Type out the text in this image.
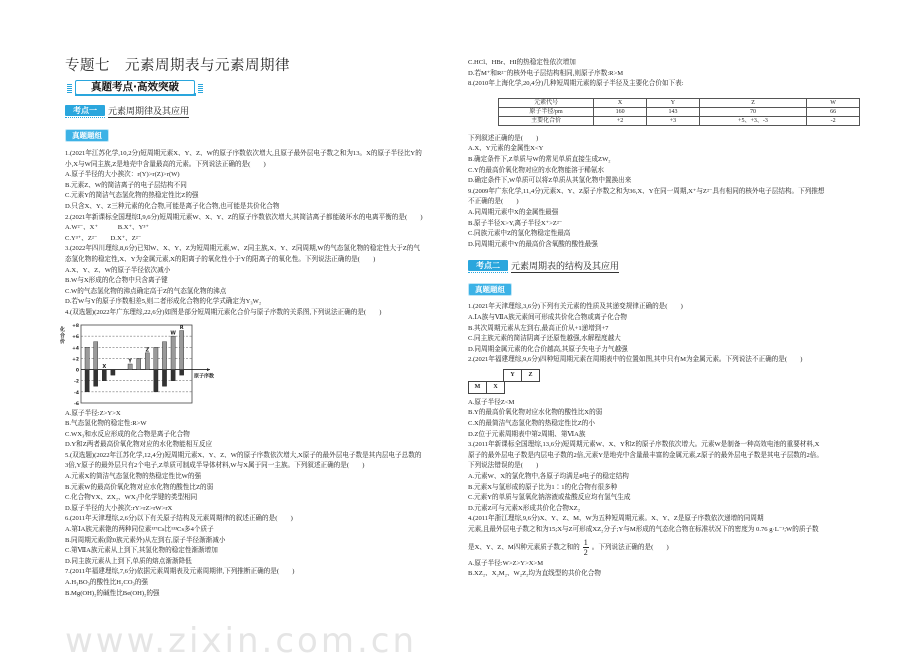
专题七　元素周期表与元素周期律
真题考点·高效突破
考点一	元素周期律及其应用
真题题组
1.(2021年江苏化学,10,2分)短周期元素X、Y、Z、W的原子序数依次增大,且原子最外层电子数之和为13。X的原子半径比Y的
小,X与W同主族,Z是地壳中含量最高的元素。下列说法正确的是(　　)
A.原子半径的大小挨次：r(Y)>r(Z)>r(W)
B.元素Z、W的简洁离子的电子层结构不同
C.元素Y的简洁气态氢化物的热稳定性比Z的强
D.只含X、Y、Z三种元素的化合物,可能是离子化合物,也可能是共价化合物
2.(2021年新课标全国理综Ⅰ,9,6分)短周期元素W、X、Y、Z的原子序数依次增大,其简洁离子都能破坏水的电离平衡的是(　　)
A.W²⁻、X⁺　　　B.X⁺、Y³⁺
C.Y³⁺、Z²⁻　　D.X⁺、Z²⁻
3.(2022年四川理综,8,6分)已知W、X、Y、Z为短周期元素,W、Z同主族,X、Y、Z同周期,W的气态氢化物的稳定性大于Z的气
态氢化物的稳定性,X、Y为金属元素,X的阳离子的氧化性小于Y的阳离子的氧化性。下列说法正确的是(　　)
A.X、Y、Z、W的原子半径依次减小
B.W与X形成的化合物中只含离子键
C.W的气态氢化物的沸点确定高于Z的气态氢化物的沸点
D.若W与Y的原子序数相差5,则二者形成化合物的化学式确定为Y₃W₂
4.(双选题)(2022年广东理综,22,6分)如图是部分短周期元素化合价与原子序数的关系图,下列说法正确的是(　　)
+8
+6
+4
+2
0
-2
-4
-6
原子序数
化
合
价
X
Y
Z
W
R
A.原子半径:Z>Y>X
B.气态氢化物的稳定性:R>W
C.WX₃和水反应形成的化合物是离子化合物
D.Y和Z两者最高价氧化物对应的水化物能相互反应
5.(双选题)(2022年江苏化学,12,4分)短周期元素X、Y、Z、W的原子序数依次增大,X原子的最外层电子数是其内层电子总数的
3倍,Y原子的最外层只有2个电子,Z单质可制成半导体材料,W与X属于同一主族。下列叙述正确的是(　　)
A.元素X的简洁气态氢化物的热稳定性比W的强
B.元素W的最高价氧化物对应水化物的酸性比Z的弱
C.化合物YX、ZX₂、WX₃中化学键的类型相同
D.原子半径的大小挨次:rY>rZ>rW>rX
6.(2011年天津理综,2,6分)以下有关原子结构及元素周期律的叙述正确的是(　　)
A.第ⅠA族元素铯的两种同位素¹³⁷Cs比¹³³Cs多4个质子
B.同周期元素(除0族元素外)从左到右,原子半径渐渐减小
C.第ⅦA族元素从上到下,其氢化物的稳定性渐渐增加
D.同主族元素从上到下,单质的熔点渐渐降低
7.(2011年福建理综,7,6分)依据元素周期表及元素周期律,下列推断正确的是(　　)
A.H₃BO₃的酸性比H₂CO₃的强
B.Mg(OH)₂的碱性比Be(OH)₂的强
www.zixin.com.cn
C.HCl、HBr、HI的热稳定性依次增加
D.若M⁺和R²⁻的核外电子层结构相同,则原子序数:R>M
8.(2010年上海化学,20,4分)几种短周期元素的原子半径及主要化合价如下表:
元素代号	X	Y	Z	W
原子半径/pm	160	143	70	66
主要化合价	+2	+3	+5、+3、-3	-2
下列叙述正确的是(　　)
A.X、Y元素的金属性X<Y
B.确定条件下,Z单质与W的常见单质直接生成ZW₂
C.Y的最高价氧化物对应的水化物能溶于稀氨水
D.确定条件下,W单质可以将Z单质从其氢化物中置换出来
9.(2009年广东化学,11,4分)元素X、Y、Z原子序数之和为36,X、Y在同一周期,X⁺与Z²⁻具有相同的核外电子层结构。下列推想
不正确的是(　　)
A.同周期元素中X的金属性最强
B.原子半径X>Y,离子半径X⁺>Z²⁻
C.同族元素中Z的氢化物稳定性最高
D.同周期元素中Y的最高价含氧酸的酸性最强
考点二	元素周期表的结构及其应用
真题题组
1.(2021年天津理综,3,6分)下列有关元素的性质及其递变规律正确的是(　　)
A.ⅠA族与ⅦA族元素间可形成共价化合物或离子化合物
B.其次周期元素从左到右,最高正价从+1递增到+7
C.同主族元素的简洁阴离子还原性越强,水解程度越大
D.同周期金属元素的化合价越高,其原子失电子力气越强
2.(2021年福建理综,9,6分)四种短周期元素在周期表中的位置如图,其中只有M为金属元素。下列说法不正确的是(　　)
Y	Z
M	X
A.原子半径Z<M
B.Y的最高价氧化物对应水化物的酸性比X的弱
C.X的最简洁气态氢化物的热稳定性比Z的小
D.Z位于元素周期表中第2周期、第ⅥA族
3.(2011年新课标全国理综,13,6分)短周期元素W、X、Y和Z的原子序数依次增大。元素W是制备一种高效电池的重要材料,X
原子的最外层电子数是内层电子数的2倍,元素Y是地壳中含量最丰富的金属元素,Z原子的最外层电子数是其电子层数的2倍。
下列说法错误的是(　　)
A.元素W、X的氯化物中,各原子均满足8电子的稳定结构
B.元素X与氢形成的原子比为1∶1的化合物有很多种
C.元素Y的单质与氢氧化钠溶液或盐酸反应均有氢气生成
D.元素Z可与元素X形成共价化合物XZ₂
4.(2011年浙江理综,9,6分)X、Y、Z、M、W为五种短周期元素。X、Y、Z是原子序数依次递增的同周期
元素,且最外层电子数之和为15;X与Z可形成XZ₂分子;Y与M形成的气态化合物在标准状况下的密度为 0.76 g·L⁻¹;W的质子数
是X、Y、Z、M四种元素质子数之和的 $\frac{1}{2}$ 。下列说法正确的是(　　)
A.原子半径:W>Z>Y>X>M
B.XZ₂、X₂M₂、W₂Z₂均为直线型的共价化合物
